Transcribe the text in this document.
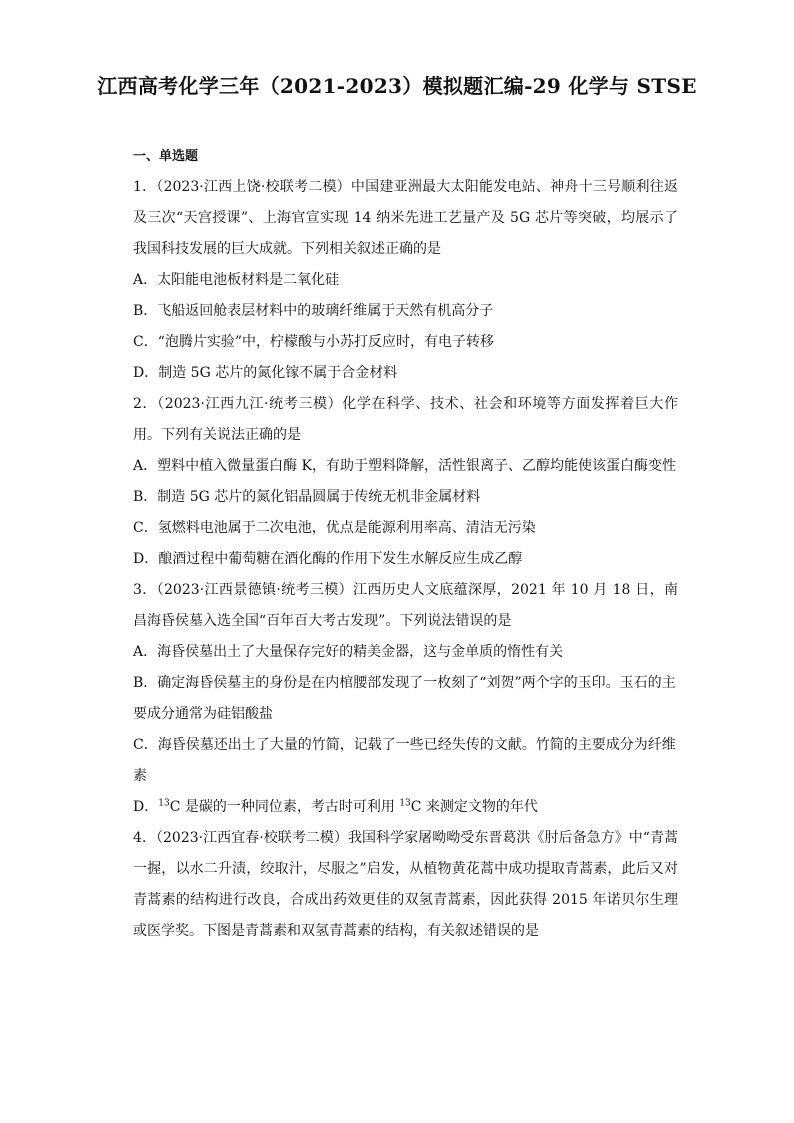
江西高考化学三年（2021-2023）模拟题汇编-29 化学与 STSE
一、单选题

1．（2023·江西上饶·校联考二模）中国建亚洲最大太阳能发电站、神舟十三号顺利往返及三次“天宫授课”、上海官宣实现 14 纳米先进工艺量产及 5G 芯片等突破，均展示了我国科技发展的巨大成就。下列相关叙述正确的是

A．太阳能电池板材料是二氧化硅

B．飞船返回舱表层材料中的玻璃纤维属于天然有机高分子

C．“泡腾片实验”中，柠檬酸与小苏打反应时，有电子转移

D．制造 5G 芯片的氮化镓不属于合金材料

2．（2023·江西九江·统考三模）化学在科学、技术、社会和环境等方面发挥着巨大作用。下列有关说法正确的是

A．塑料中植入微量蛋白酶 K，有助于塑料降解，活性银离子、乙醇均能使该蛋白酶变性

B．制造 5G 芯片的氮化铝晶圆属于传统无机非金属材料

C．氢燃料电池属于二次电池，优点是能源利用率高、清洁无污染

D．酿酒过程中葡萄糖在酒化酶的作用下发生水解反应生成乙醇

3．（2023·江西景德镇·统考三模）江西历史人文底蕴深厚，2021 年 10 月 18 日，南昌海昏侯墓入选全国“百年百大考古发现”。下列说法错误的是

A．海昏侯墓出土了大量保存完好的精美金器，这与金单质的惰性有关

B．确定海昏侯墓主的身份是在内棺腰部发现了一枚刻了“刘贺”两个字的玉印。玉石的主要成分通常为硅铝酸盐

C．海昏侯墓还出土了大量的竹简，记载了一些已经失传的文献。竹简的主要成分为纤维素

D．$^{13}$C 是碳的一种同位素，考古时可利用 $^{13}$C 来测定文物的年代

4．（2023·江西宜春·校联考二模）我国科学家屠呦呦受东晋葛洪《肘后备急方》中“青蒿一握，以水二升渍，绞取汁，尽服之”启发，从植物黄花蒿中成功提取青蒿素，此后又对青蒿素的结构进行改良，合成出药效更佳的双氢青蒿素，因此获得 2015 年诺贝尔生理或医学奖。下图是青蒿素和双氢青蒿素的结构，有关叙述错误的是
